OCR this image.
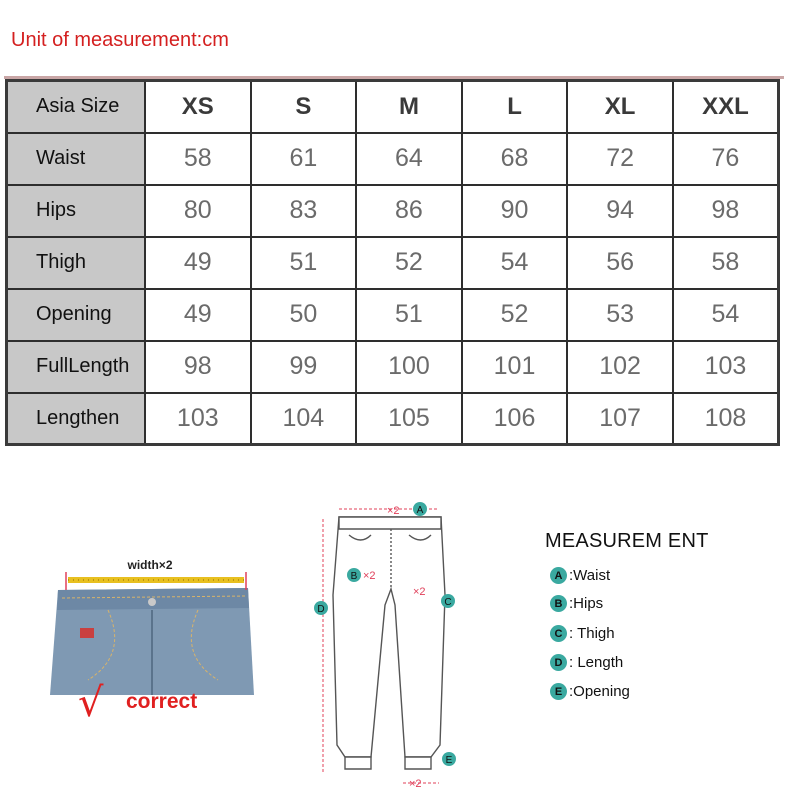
Unit of measurement:cm
Asia Size	XS	S	M	L	XL	XXL
Waist	58	61	64	68	72	76
Hips	80	83	86	90	94	98
Thigh	49	51	52	54	56	58
Opening	49	50	51	52	53	54
FullLength	98	99	100	101	102	103
Lengthen	103	104	105	106	107	108
width×2
√ correct
A
×2
B ×2
C
×2
D
E
×2
MEASUREM ENT
A :Waist
B :Hips
C : Thigh
D : Length
E :Opening
